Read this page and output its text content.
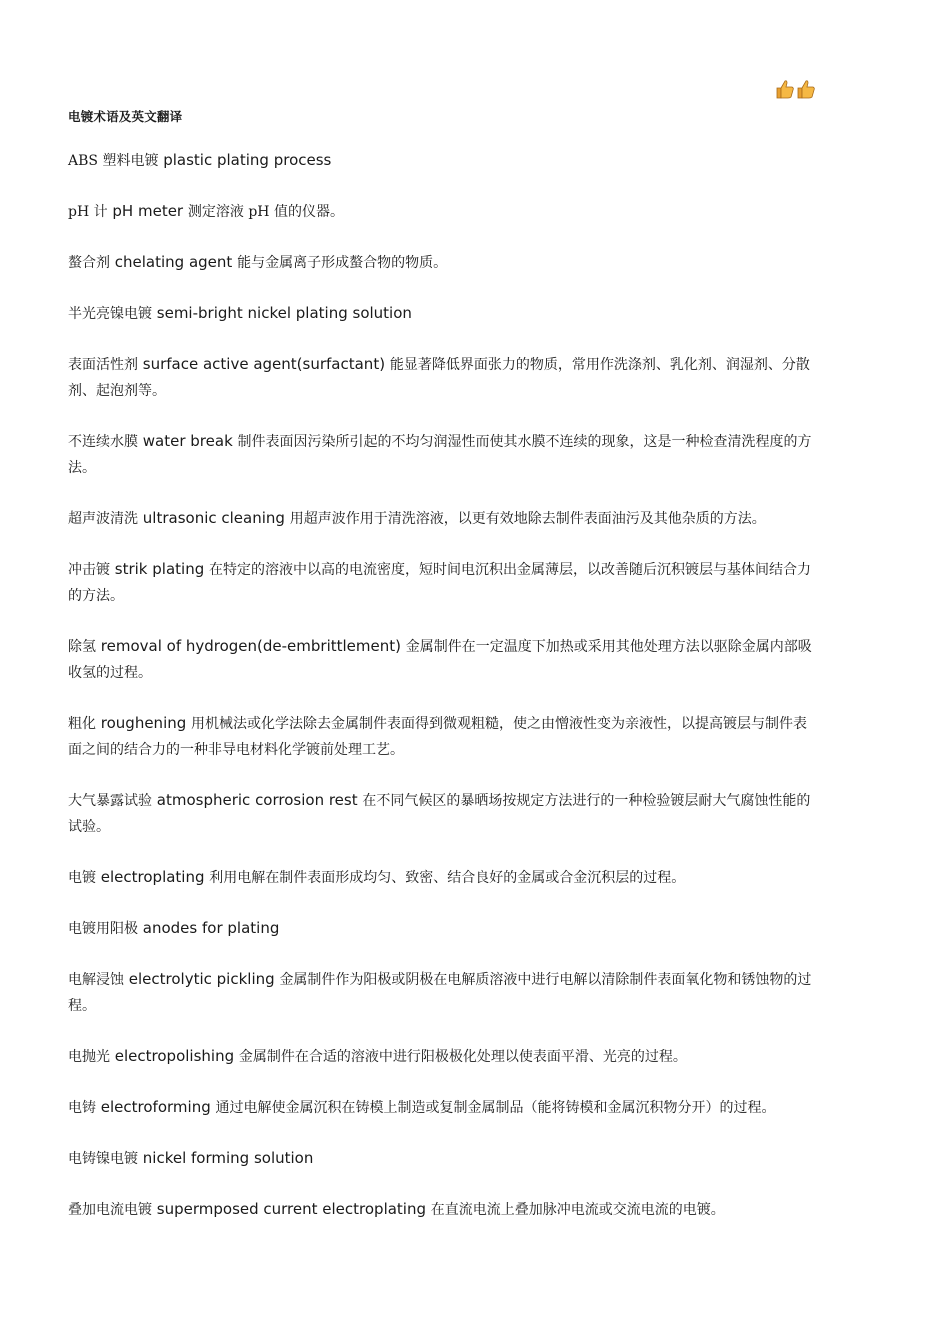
电镀术语及英文翻译
ABS 塑料电镀 plastic plating process
pH 计 pH meter 测定溶液 pH 值的仪器。
螯合剂 chelating agent 能与金属离子形成螯合物的物质。
半光亮镍电镀 semi-bright nickel plating solution
表面活性剂 surface active agent(surfactant) 能显著降低界面张力的物质，常用作洗涤剂、乳化剂、润湿剂、分散剂、起泡剂等。
不连续水膜 water break 制件表面因污染所引起的不均匀润湿性而使其水膜不连续的现象，这是一种检查清洗程度的方法。
超声波清洗 ultrasonic cleaning 用超声波作用于清洗溶液，以更有效地除去制件表面油污及其他杂质的方法。
冲击镀 strik plating 在特定的溶液中以高的电流密度，短时间电沉积出金属薄层，以改善随后沉积镀层与基体间结合力的方法。
除氢 removal of hydrogen(de-embrittlement) 金属制件在一定温度下加热或采用其他处理方法以驱除金属内部吸收氢的过程。
粗化 roughening 用机械法或化学法除去金属制件表面得到微观粗糙，使之由憎液性变为亲液性，以提高镀层与制件表面之间的结合力的一种非导电材料化学镀前处理工艺。
大气暴露试验 atmospheric corrosion rest 在不同气候区的暴晒场按规定方法进行的一种检验镀层耐大气腐蚀性能的试验。
电镀 electroplating 利用电解在制件表面形成均匀、致密、结合良好的金属或合金沉积层的过程。
电镀用阳极 anodes for plating
电解浸蚀 electrolytic pickling 金属制件作为阳极或阴极在电解质溶液中进行电解以清除制件表面氧化物和锈蚀物的过程。
电抛光 electropolishing 金属制件在合适的溶液中进行阳极极化处理以使表面平滑、光亮的过程。
电铸 electroforming 通过电解使金属沉积在铸模上制造或复制金属制品（能将铸模和金属沉积物分开）的过程。
电铸镍电镀 nickel forming solution
叠加电流电镀 supermposed current electroplating 在直流电流上叠加脉冲电流或交流电流的电镀。
